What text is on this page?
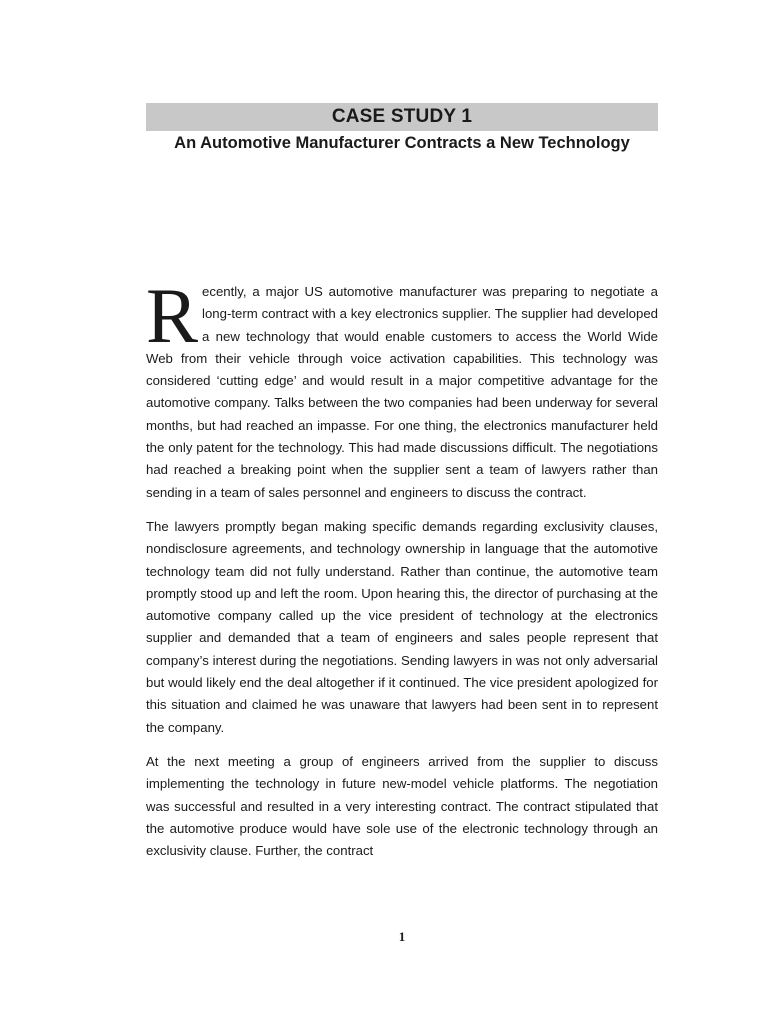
CASE STUDY 1
An Automotive Manufacturer Contracts a New Technology

Recently, a major US automotive manufacturer was preparing to negotiate a long-term contract with a key electronics supplier. The supplier had developed a new technology that would enable customers to access the World Wide Web from their vehicle through voice activation capabilities. This technology was considered ‘cutting edge’ and would result in a major competitive advantage for the automotive company. Talks between the two companies had been underway for several months, but had reached an impasse. For one thing, the electronics manufacturer held the only patent for the technology. This had made discussions difficult. The negotiations had reached a breaking point when the supplier sent a team of lawyers rather than sending in a team of sales personnel and engineers to discuss the contract.

The lawyers promptly began making specific demands regarding exclusivity clauses, nondisclosure agreements, and technology ownership in language that the automotive technology team did not fully understand. Rather than continue, the automotive team promptly stood up and left the room. Upon hearing this, the director of purchasing at the automotive company called up the vice president of technology at the electronics supplier and demanded that a team of engineers and sales people represent that company’s interest during the negotiations. Sending lawyers in was not only adversarial but would likely end the deal altogether if it continued. The vice president apologized for this situation and claimed he was unaware that lawyers had been sent in to represent the company.

At the next meeting a group of engineers arrived from the supplier to discuss implementing the technology in future new-model vehicle platforms. The negotiation was successful and resulted in a very interesting contract. The contract stipulated that the automotive produce would have sole use of the electronic technology through an exclusivity clause. Further, the contract

1
